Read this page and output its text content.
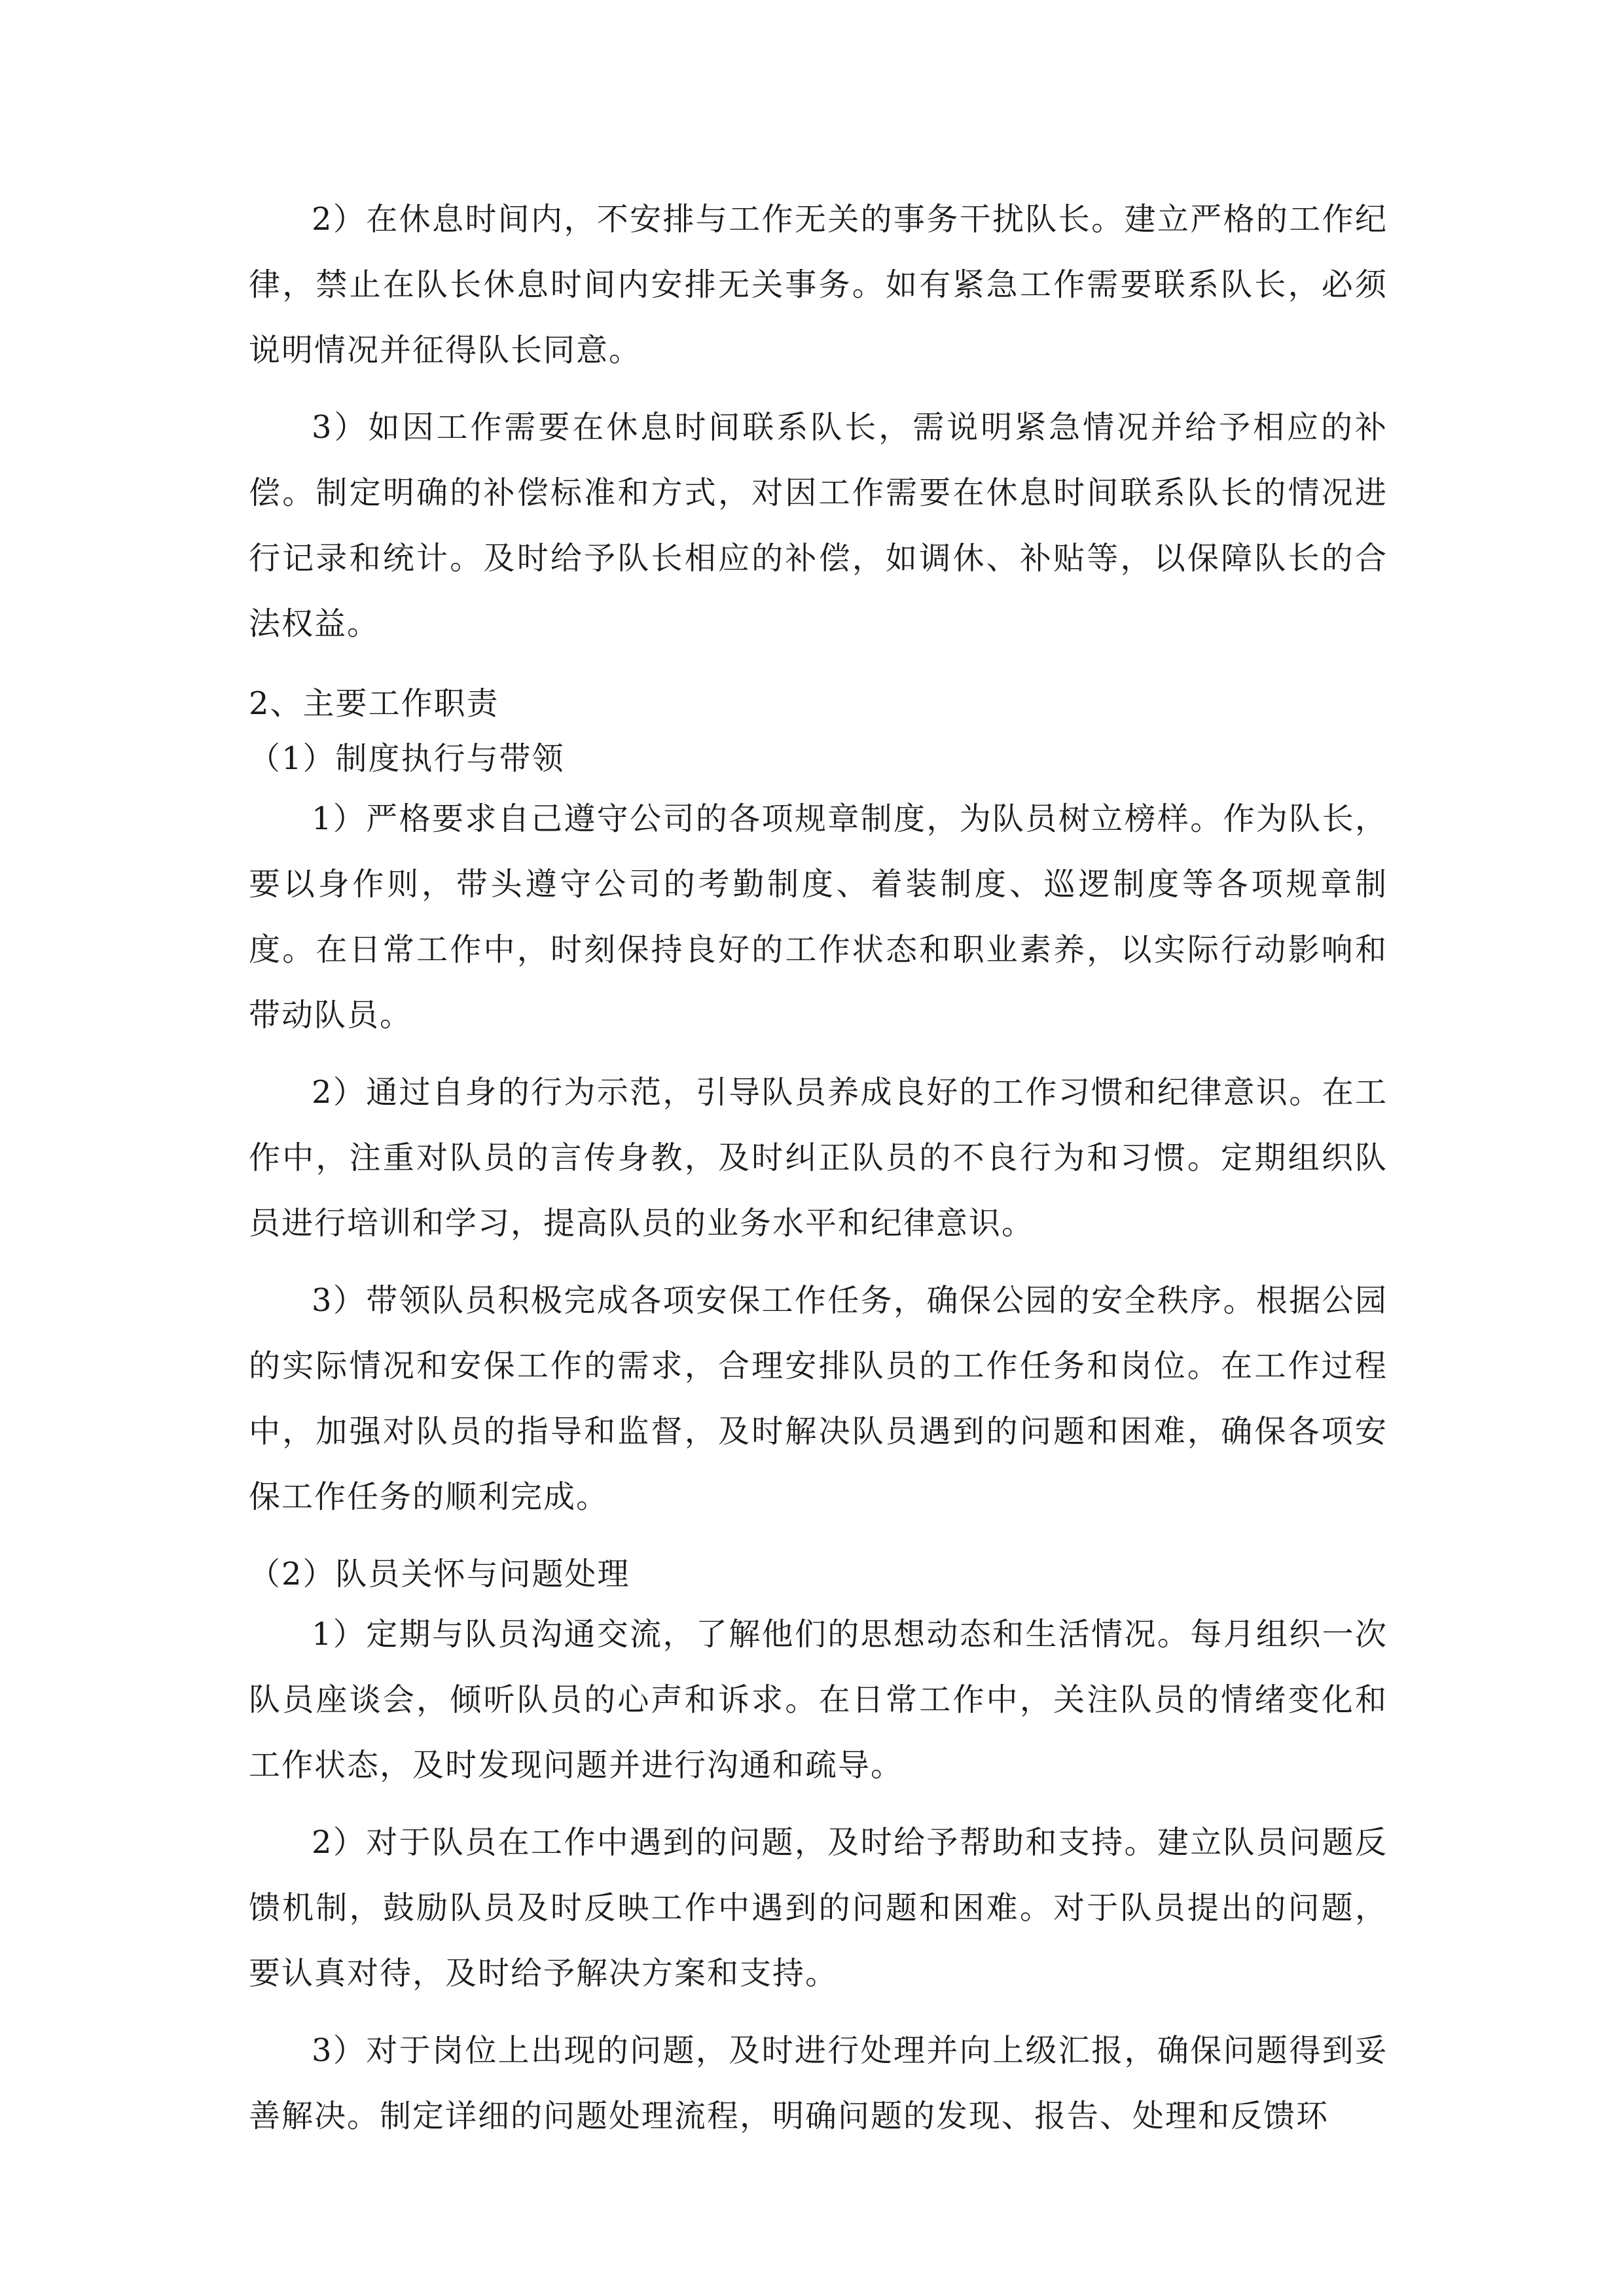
2）在休息时间内，不安排与工作无关的事务干扰队长。建立严格的工作纪律，禁止在队长休息时间内安排无关事务。如有紧急工作需要联系队长，必须说明情况并征得队长同意。

3）如因工作需要在休息时间联系队长，需说明紧急情况并给予相应的补偿。制定明确的补偿标准和方式，对因工作需要在休息时间联系队长的情况进行记录和统计。及时给予队长相应的补偿，如调休、补贴等，以保障队长的合法权益。

2、主要工作职责

（1）制度执行与带领

1）严格要求自己遵守公司的各项规章制度，为队员树立榜样。作为队长，要以身作则，带头遵守公司的考勤制度、着装制度、巡逻制度等各项规章制度。在日常工作中，时刻保持良好的工作状态和职业素养，以实际行动影响和带动队员。

2）通过自身的行为示范，引导队员养成良好的工作习惯和纪律意识。在工作中，注重对队员的言传身教，及时纠正队员的不良行为和习惯。定期组织队员进行培训和学习，提高队员的业务水平和纪律意识。

3）带领队员积极完成各项安保工作任务，确保公园的安全秩序。根据公园的实际情况和安保工作的需求，合理安排队员的工作任务和岗位。在工作过程中，加强对队员的指导和监督，及时解决队员遇到的问题和困难，确保各项安保工作任务的顺利完成。

（2）队员关怀与问题处理

1）定期与队员沟通交流，了解他们的思想动态和生活情况。每月组织一次队员座谈会，倾听队员的心声和诉求。在日常工作中，关注队员的情绪变化和工作状态，及时发现问题并进行沟通和疏导。

2）对于队员在工作中遇到的问题，及时给予帮助和支持。建立队员问题反馈机制，鼓励队员及时反映工作中遇到的问题和困难。对于队员提出的问题，要认真对待，及时给予解决方案和支持。

3）对于岗位上出现的问题，及时进行处理并向上级汇报，确保问题得到妥善解决。制定详细的问题处理流程，明确问题的发现、报告、处理和反馈环
